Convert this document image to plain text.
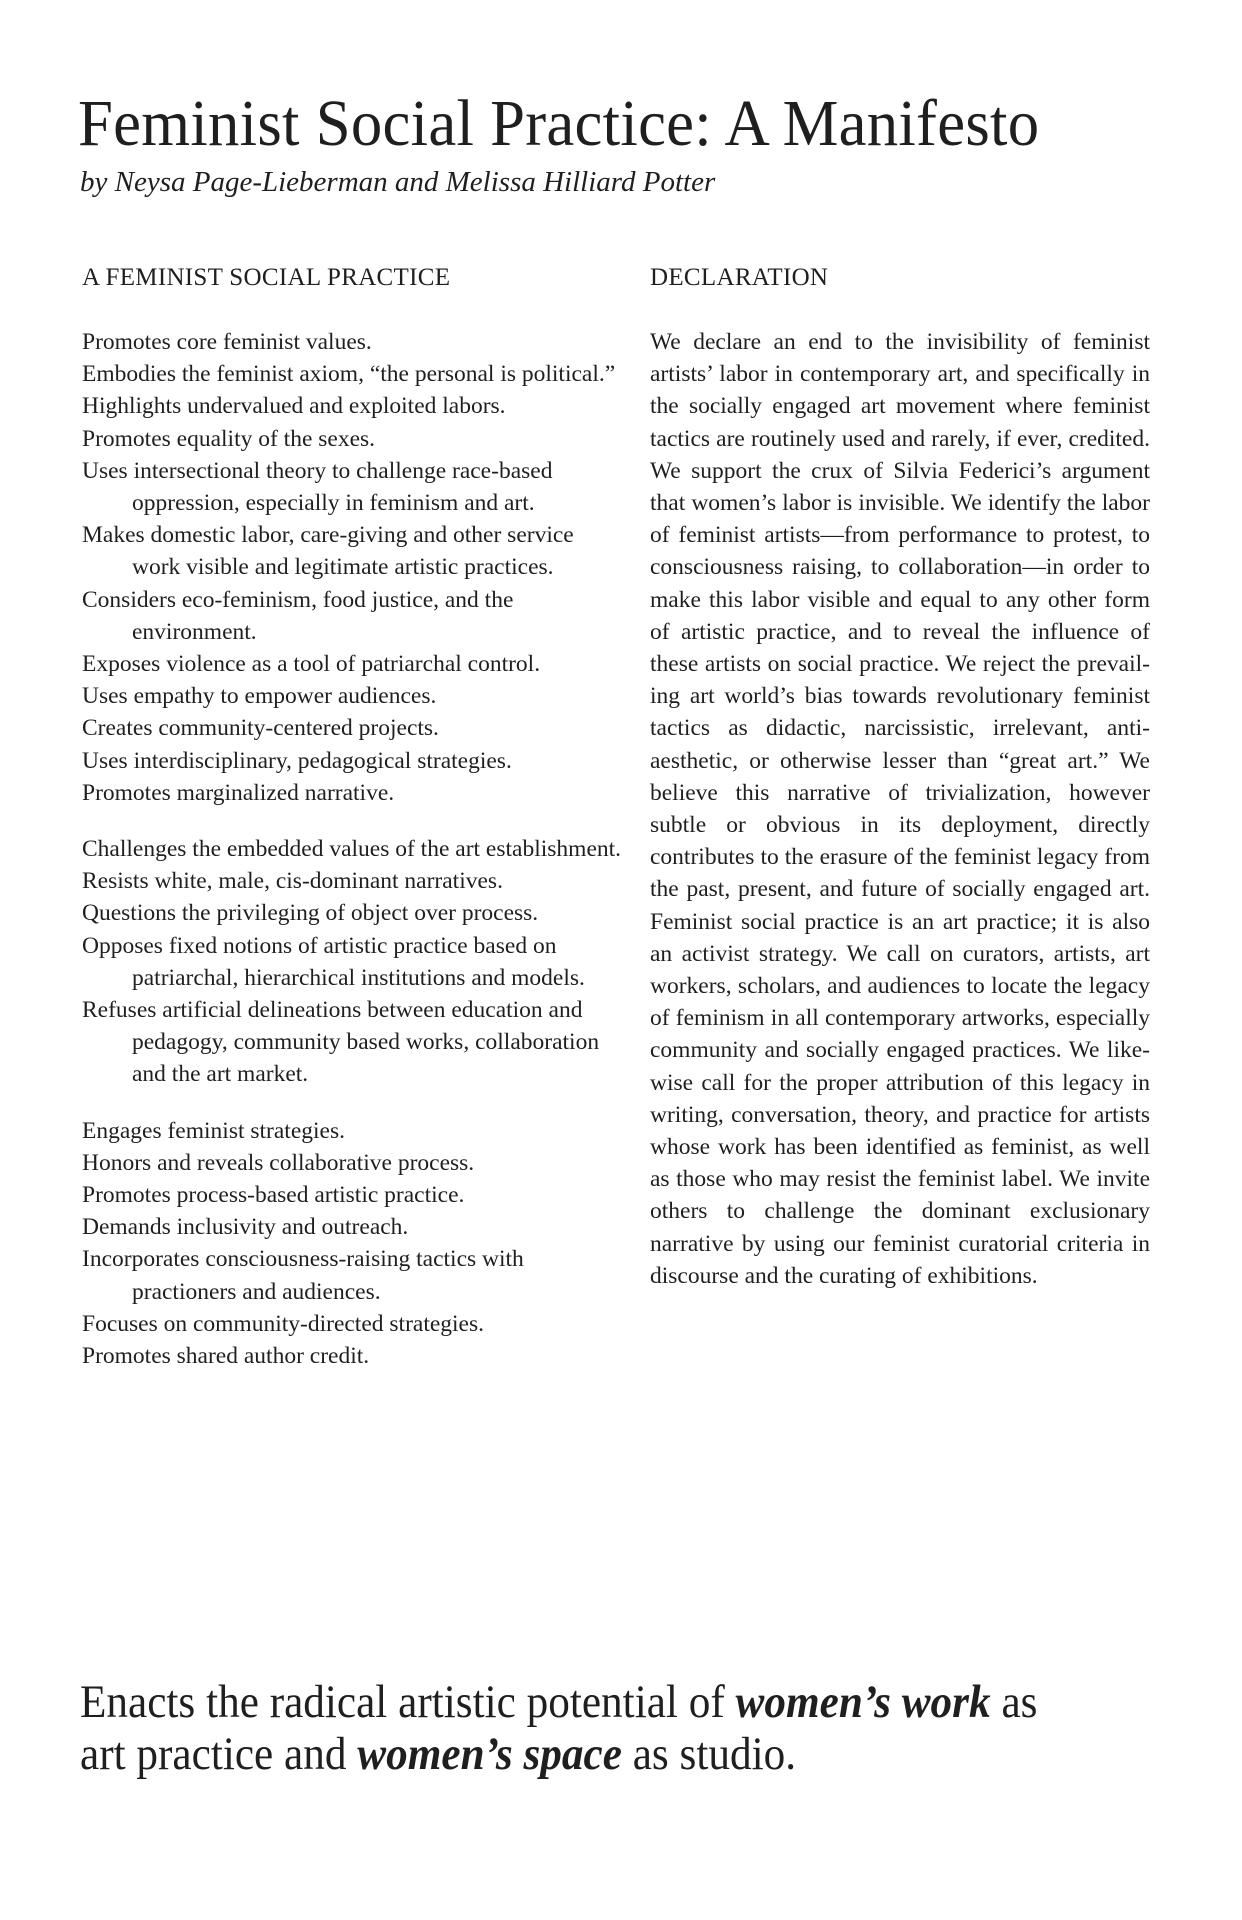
Feminist Social Practice: A Manifesto

by Neysa Page-Lieberman and Melissa Hilliard Potter

A FEMINIST SOCIAL PRACTICE
Promotes core feminist values.
Embodies the feminist axiom, “the personal is political.”
Highlights undervalued and exploited labors.
Promotes equality of the sexes.
Uses intersectional theory to challenge race-based oppression, especially in feminism and art.
Makes domestic labor, care-giving and other service work visible and legitimate artistic practices.
Considers eco-feminism, food justice, and the environment.
Exposes violence as a tool of patriarchal control.
Uses empathy to empower audiences.
Creates community-centered projects.
Uses interdisciplinary, pedagogical strategies.
Promotes marginalized narrative.
Challenges the embedded values of the art establishment.
Resists white, male, cis-dominant narratives.
Questions the privileging of object over process.
Opposes fixed notions of artistic practice based on patriarchal, hierarchical institutions and models.
Refuses artificial delineations between education and pedagogy, community based works, collaboration and the art market.
Engages feminist strategies.
Honors and reveals collaborative process.
Promotes process-based artistic practice.
Demands inclusivity and outreach.
Incorporates consciousness-raising tactics with practioners and audiences.
Focuses on community-directed strategies.
Promotes shared author credit.
DECLARATION

We declare an end to the invisibility of feminist artists’ labor in contemporary art, and specifically in the socially engaged art movement where feminist tactics are routinely used and rarely, if ever, credited. We support the crux of Silvia Federici’s argument that women’s labor is invisible. We identify the labor of feminist artists—from performance to protest, to consciousness raising, to collaboration—in order to make this labor visible and equal to any other form of artistic practice, and to reveal the influence of these artists on social practice. We reject the prevailing art world’s bias towards revolutionary feminist tactics as didactic, narcissistic, irrelevant, anti-aesthetic, or otherwise lesser than “great art.” We believe this narrative of trivialization, however subtle or obvious in its deployment, directly contributes to the erasure of the feminist legacy from the past, present, and future of socially engaged art. Feminist social practice is an art practice; it is also an activist strategy. We call on curators, artists, art workers, scholars, and audiences to locate the legacy of feminism in all contemporary artworks, especially community and socially engaged practices. We likewise call for the proper attribution of this legacy in writing, conversation, theory, and practice for artists whose work has been identified as feminist, as well as those who may resist the feminist label. We invite others to challenge the dominant exclusionary narrative by using our feminist curatorial criteria in discourse and the curating of exhibitions.

Enacts the radical artistic potential of women’s work as art practice and women’s space as studio.
